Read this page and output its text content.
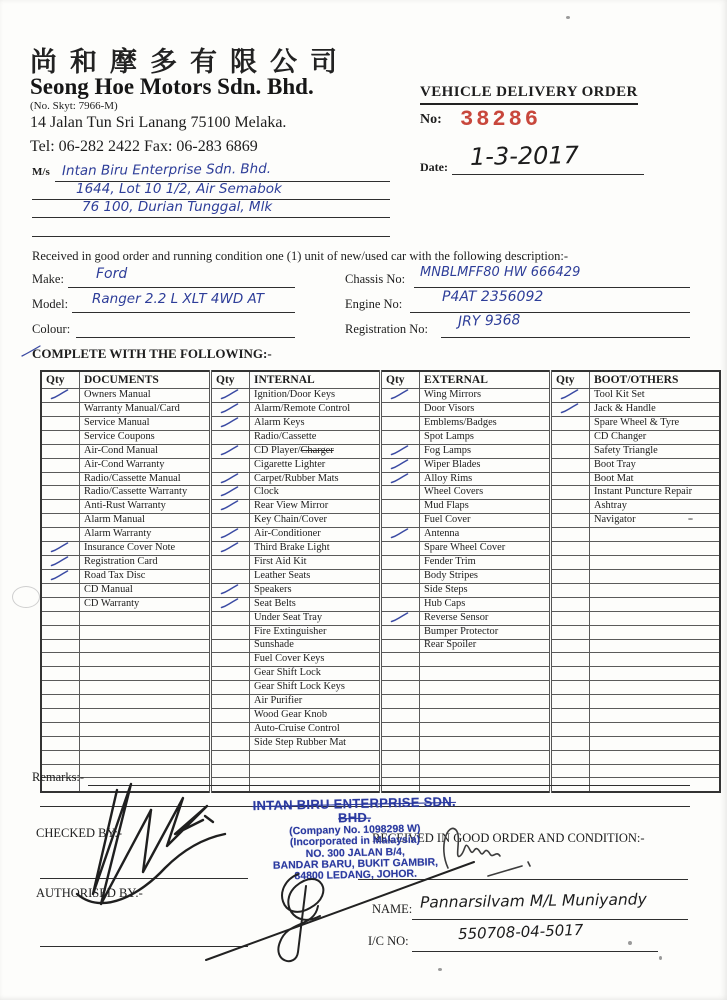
尚和摩多有限公司
Seong Hoe Motors Sdn. Bhd.
(No. Skyt: 7966-M)
14 Jalan Tun Sri Lanang 75100 Melaka.
Tel: 06-282 2422 Fax: 06-283 6869
VEHICLE DELIVERY ORDER
No: 38286
Date: 1-3-2017
M/s Intan Biru Enterprise Sdn. Bhd.
1644, Lot 10 1/2, Air Semabok
76 100, Durian Tunggal, Mlk
Received in good order and running condition one (1) unit of new/used car with the following description:-
Make: Ford
Model: Ranger 2.2 L XLT 4WD AT
Colour:
Chassis No: MNBLMFF80 HW 666429
Engine No:	P4AT 2356092
Registration No: JRY 9368
COMPLETE WITH THE FOLLOWING:-
Qty	DOCUMENTS	Qty	INTERNAL	Qty	EXTERNAL	Qty	BOOT/OTHERS
	Owners Manual		Ignition/Door Keys		Wing Mirrors		Tool Kit Set
	Warranty Manual/Card		Alarm/Remote Control		Door Visors		Jack & Handle
	Service Manual		Alarm Keys		Emblems/Badges		Spare Wheel & Tyre
	Service Coupons		Radio/Cassette		Spot Lamps		CD Changer
	Air-Cond Manual		CD Player/Charger		Fog Lamps		Safety Triangle
	Air-Cond Warranty		Cigarette Lighter		Wiper Blades		Boot Tray
	Radio/Cassette Manual		Carpet/Rubber Mats		Alloy Rims		Boot Mat
	Radio/Cassette Warranty		Clock		Wheel Covers		Instant Puncture Repair
	Anti-Rust Warranty		Rear View Mirror		Mud Flaps		Ashtray
	Alarm Manual		Key Chain/Cover		Fuel Cover		Navigator
	Alarm Warranty		Air-Conditioner		Antenna		
	Insurance Cover Note		Third Brake Light		Spare Wheel Cover		
	Registration Card		First Aid Kit		Fender Trim		
	Road Tax Disc		Leather Seats		Body Stripes		
	CD Manual		Speakers		Side Steps		
	CD Warranty		Seat Belts		Hub Caps		
			Under Seat Tray		Reverse Sensor		
			Fire Extinguisher		Bumper Protector		
			Sunshade		Rear Spoiler		
			Fuel Cover Keys				
			Gear Shift Lock				
			Gear Shift Lock Keys				
			Air Purifier				
			Wood Gear Knob				
			Auto-Cruise Control				
			Side Step Rubber Mat				

Remarks:-
CHECKED BY:-
AUTHORISED BY:-
INTAN BIRU ENTERPRISE SDN. BHD.
(Company No. 1098298 W)
(Incorporated in Malaysia)
NO. 300 JALAN B/4,
BANDAR BARU, BUKIT GAMBIR,
84800 LEDANG, JOHOR.
RECEIVED IN GOOD ORDER AND CONDITION:-
NAME: Pannarsilvam M/L Muniyandy
I/C NO:	550708-04-5017
